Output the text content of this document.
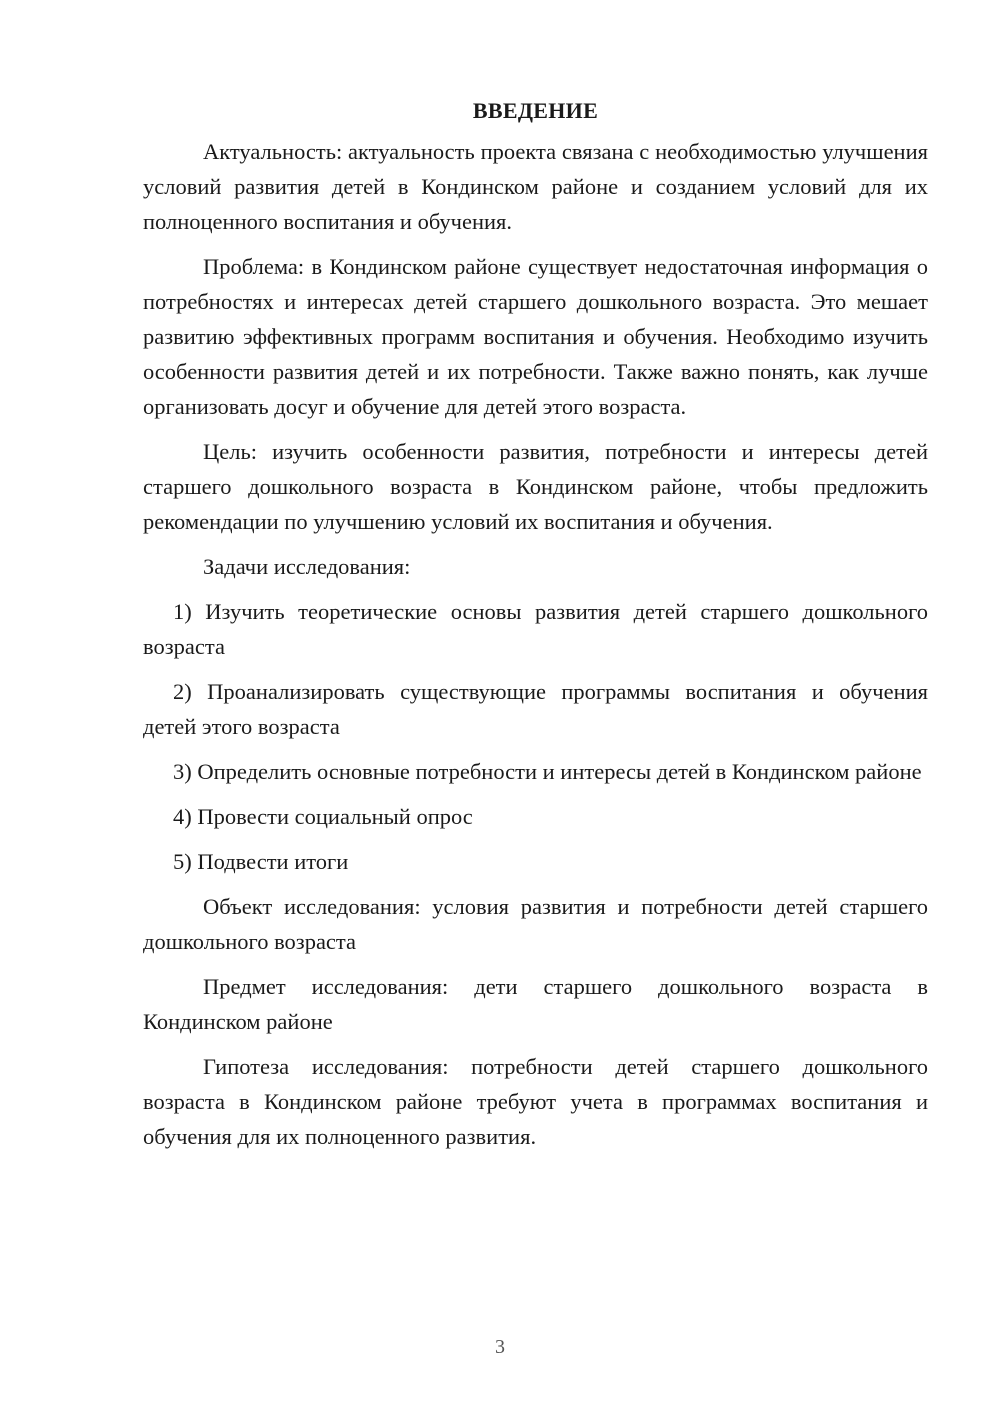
ВВЕДЕНИЕ

Актуальность: актуальность проекта связана с необходимостью улучшения условий развития детей в Кондинском районе и созданием условий для их полноценного воспитания и обучения.

Проблема: в Кондинском районе существует недостаточная информация о потребностях и интересах детей старшего дошкольного возраста. Это мешает развитию эффективных программ воспитания и обучения. Необходимо изучить особенности развития детей и их потребности. Также важно понять, как лучше организовать досуг и обучение для детей этого возраста.

Цель: изучить особенности развития, потребности и интересы детей старшего дошкольного возраста в Кондинском районе, чтобы предложить рекомендации по улучшению условий их воспитания и обучения.

Задачи исследования:

1) Изучить теоретические основы развития детей старшего дошкольного возраста

2) Проанализировать существующие программы воспитания и обучения детей этого возраста

3) Определить основные потребности и интересы детей в Кондинском районе

4) Провести социальный опрос

5) Подвести итоги

Объект исследования: условия развития и потребности детей старшего дошкольного возраста

Предмет исследования: дети старшего дошкольного возраста в Кондинском районе

Гипотеза исследования: потребности детей старшего дошкольного возраста в Кондинском районе требуют учета в программах воспитания и обучения для их полноценного развития.

3
